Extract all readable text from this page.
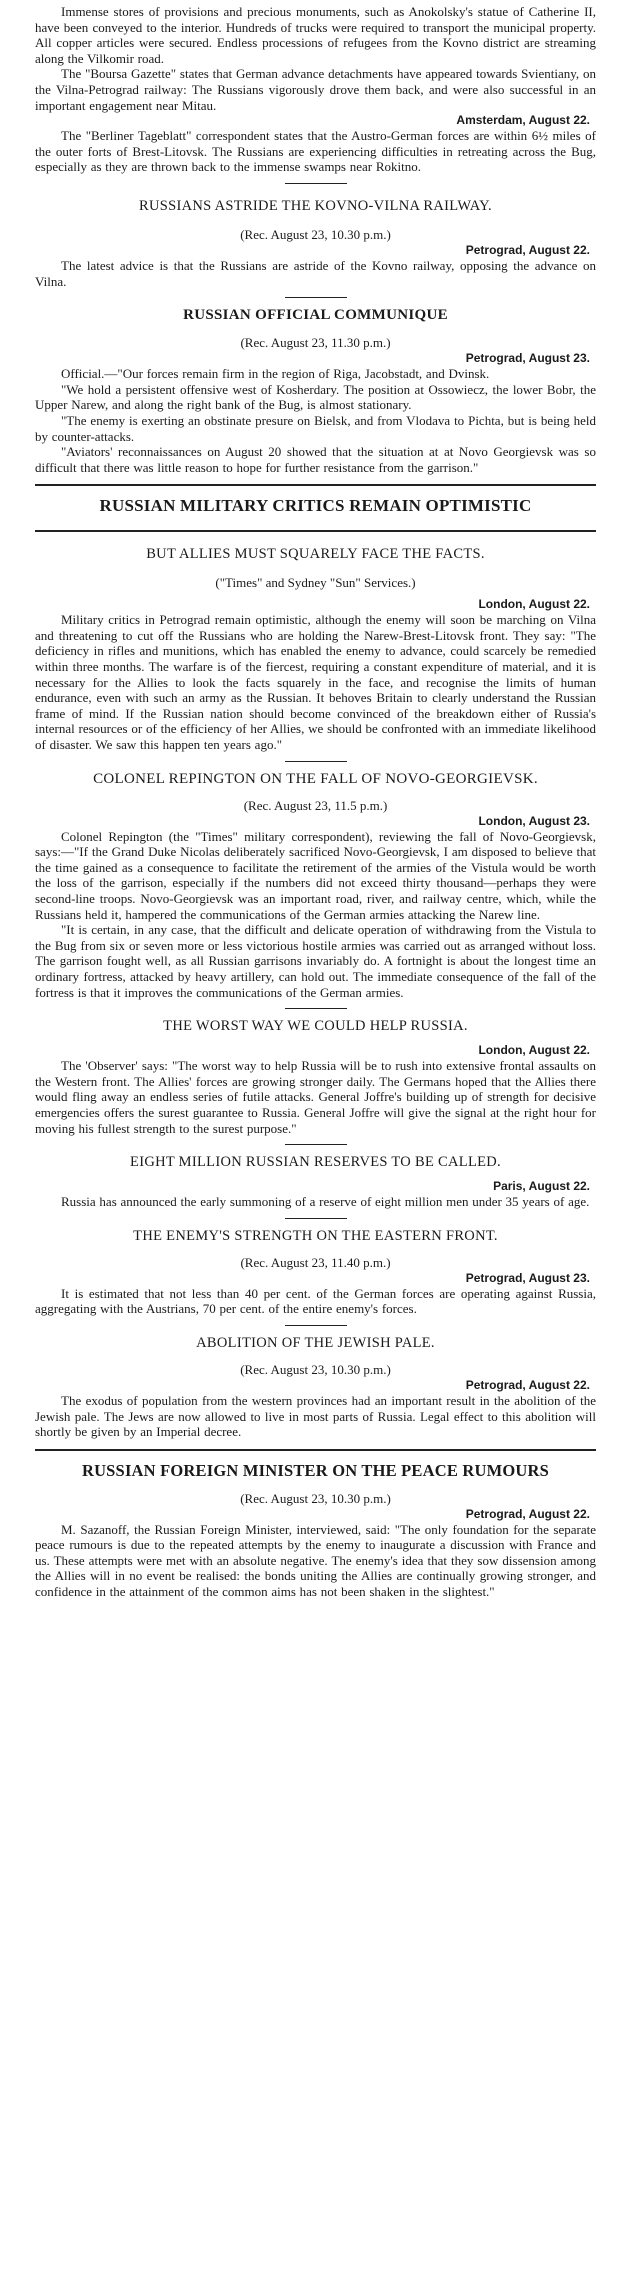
Immense stores of provisions and precious monuments, such as Anokolsky's statue of Catherine II, have been conveyed to the interior. Hundreds of trucks were required to transport the municipal property. All copper articles were secured. Endless processions of refugees from the Kovno district are streaming along the Vilkomir road.

The "Boursa Gazette" states that German advance detachments have appeared towards Svientiany, on the Vilna-Petrograd railway: The Russians vigorously drove them back, and were also successful in an important engagement near Mitau.

Amsterdam, August 22.

The "Berliner Tageblatt" correspondent states that the Austro-German forces are within 6½ miles of the outer forts of Brest-Litovsk. The Russians are experiencing difficulties in retreating across the Bug, especially as they are thrown back to the immense swamps near Rokitno.

RUSSIANS ASTRIDE THE KOVNO-VILNA RAILWAY.

(Rec. August 23, 10.30 p.m.)

Petrograd, August 22.

The latest advice is that the Russians are astride of the Kovno railway, opposing the advance on Vilna.

RUSSIAN OFFICIAL COMMUNIQUE

(Rec. August 23, 11.30 p.m.)

Petrograd, August 23.

Official.—"Our forces remain firm in the region of Riga, Jacobstadt, and Dvinsk.

"We hold a persistent offensive west of Kosherdary. The position at Ossowiecz, the lower Bobr, the Upper Narew, and along the right bank of the Bug, is almost stationary.

"The enemy is exerting an obstinate presure on Bielsk, and from Vlodava to Pichta, but is being held by counter-attacks.

"Aviators' reconnaissances on August 20 showed that the situation at at Novo Georgievsk was so difficult that there was little reason to hope for further resistance from the garrison."

RUSSIAN MILITARY CRITICS REMAIN OPTIMISTIC
BUT ALLIES MUST SQUARELY FACE THE FACTS.

("Times" and Sydney "Sun" Services.)

London, August 22.

Military critics in Petrograd remain optimistic, although the enemy will soon be marching on Vilna and threatening to cut off the Russians who are holding the Narew-Brest-Litovsk front. They say: "The deficiency in rifles and munitions, which has enabled the enemy to advance, could scarcely be remedied within three months. The warfare is of the fiercest, requiring a constant expenditure of material, and it is necessary for the Allies to look the facts squarely in the face, and recognise the limits of human endurance, even with such an army as the Russian. It behoves Britain to clearly understand the Russian frame of mind. If the Russian nation should become convinced of the breakdown either of Russia's internal resources or of the efficiency of her Allies, we should be confronted with an immediate likelihood of disaster. We saw this happen ten years ago."

COLONEL REPINGTON ON THE FALL OF NOVO-GEORGIEVSK.

(Rec. August 23, 11.5 p.m.)

London, August 23.

Colonel Repington (the "Times" military correspondent), reviewing the fall of Novo-Georgievsk, says:—"If the Grand Duke Nicolas deliberately sacrificed Novo-Georgievsk, I am disposed to believe that the time gained as a consequence to facilitate the retirement of the armies of the Vistula would be worth the loss of the garrison, especially if the numbers did not exceed thirty thousand—perhaps they were second-line troops. Novo-Georgievsk was an important road, river, and railway centre, which, while the Russians held it, hampered the communications of the German armies attacking the Narew line.

"It is certain, in any case, that the difficult and delicate operation of withdrawing from the Vistula to the Bug from six or seven more or less victorious hostile armies was carried out as arranged without loss. The garrison fought well, as all Russian garrisons invariably do. A fortnight is about the longest time an ordinary fortress, attacked by heavy artillery, can hold out. The immediate consequence of the fall of the fortress is that it improves the communications of the German armies.

THE WORST WAY WE COULD HELP RUSSIA.

London, August 22.

The 'Observer' says: "The worst way to help Russia will be to rush into extensive frontal assaults on the Western front. The Allies' forces are growing stronger daily. The Germans hoped that the Allies there would fling away an endless series of futile attacks. General Joffre's building up of strength for decisive emergencies offers the surest guarantee to Russia. General Joffre will give the signal at the right hour for moving his fullest strength to the surest purpose."

EIGHT MILLION RUSSIAN RESERVES TO BE CALLED.

Paris, August 22.

Russia has announced the early summoning of a reserve of eight million men under 35 years of age.

THE ENEMY'S STRENGTH ON THE EASTERN FRONT.

(Rec. August 23, 11.40 p.m.)

Petrograd, August 23.

It is estimated that not less than 40 per cent. of the German forces are operating against Russia, aggregating with the Austrians, 70 per cent. of the entire enemy's forces.

ABOLITION OF THE JEWISH PALE.

(Rec. August 23, 10.30 p.m.)

Petrograd, August 22.

The exodus of population from the western provinces had an important result in the abolition of the Jewish pale. The Jews are now allowed to live in most parts of Russia. Legal effect to this abolition will shortly be given by an Imperial decree.

RUSSIAN FOREIGN MINISTER ON THE PEACE RUMOURS

(Rec. August 23, 10.30 p.m.)

Petrograd, August 22.

M. Sazanoff, the Russian Foreign Minister, interviewed, said: "The only foundation for the separate peace rumours is due to the repeated attempts by the enemy to inaugurate a discussion with France and us. These attempts were met with an absolute negative. The enemy's idea that they sow dissension among the Allies will in no event be realised: the bonds uniting the Allies are continually growing stronger, and confidence in the attainment of the common aims has not been shaken in the slightest."
